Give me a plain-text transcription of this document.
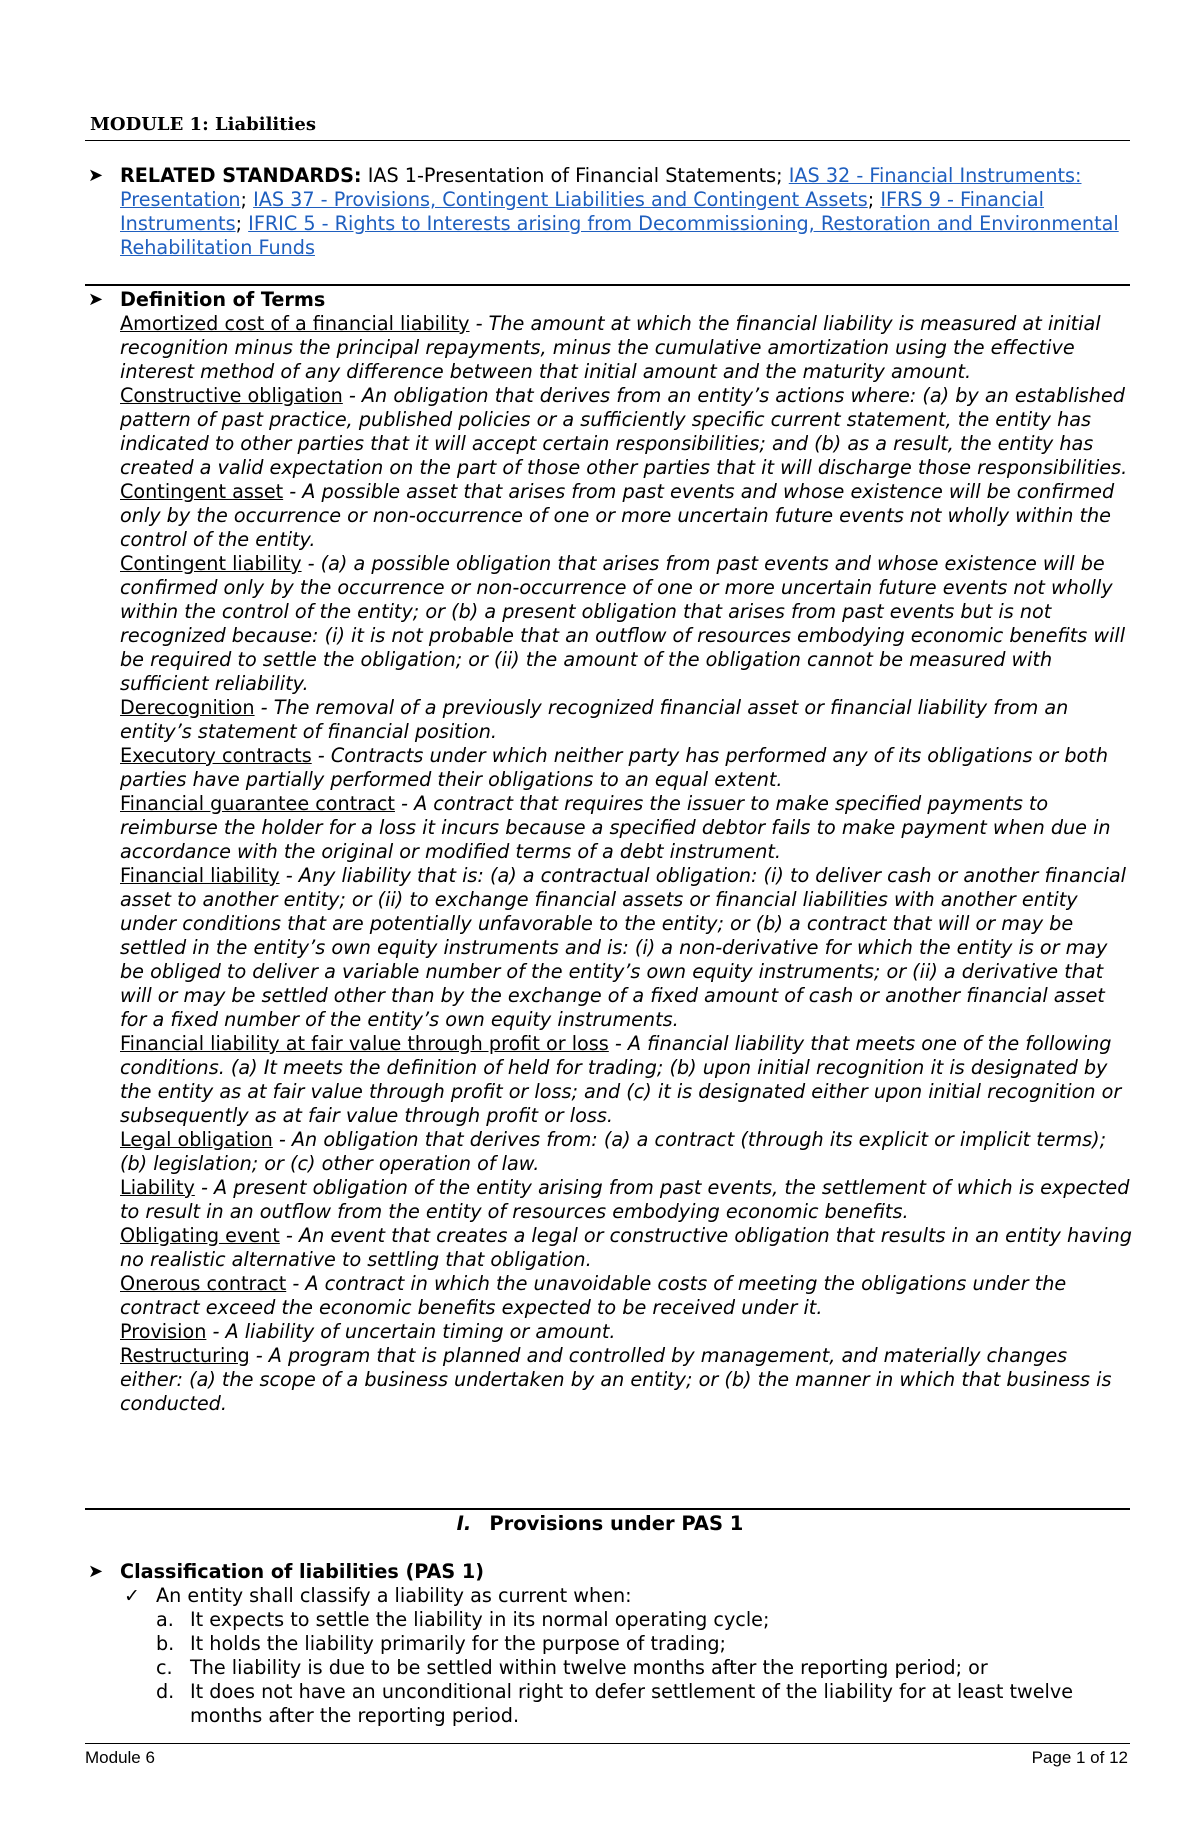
MODULE 1: Liabilities
➤ RELATED STANDARDS: IAS 1-Presentation of Financial Statements; IAS 32 - Financial Instruments: Presentation; IAS 37 - Provisions, Contingent Liabilities and Contingent Assets; IFRS 9 - Financial Instruments; IFRIC 5 - Rights to Interests arising from Decommissioning, Restoration and Environmental Rehabilitation Funds
➤ Definition of Terms

Amortized cost of a financial liability - The amount at which the financial liability is measured at initial recognition minus the principal repayments, minus the cumulative amortization using the effective interest method of any difference between that initial amount and the maturity amount.

Constructive obligation - An obligation that derives from an entity’s actions where: (a) by an established pattern of past practice, published policies or a sufficiently specific current statement, the entity has indicated to other parties that it will accept certain responsibilities; and (b) as a result, the entity has created a valid expectation on the part of those other parties that it will discharge those responsibilities.

Contingent asset - A possible asset that arises from past events and whose existence will be confirmed only by the occurrence or non-occurrence of one or more uncertain future events not wholly within the control of the entity.

Contingent liability - (a) a possible obligation that arises from past events and whose existence will be confirmed only by the occurrence or non-occurrence of one or more uncertain future events not wholly within the control of the entity; or (b) a present obligation that arises from past events but is not recognized because: (i) it is not probable that an outflow of resources embodying economic benefits will be required to settle the obligation; or (ii) the amount of the obligation cannot be measured with sufficient reliability.

Derecognition - The removal of a previously recognized financial asset or financial liability from an entity’s statement of financial position.

Executory contracts - Contracts under which neither party has performed any of its obligations or both parties have partially performed their obligations to an equal extent.

Financial guarantee contract - A contract that requires the issuer to make specified payments to reimburse the holder for a loss it incurs because a specified debtor fails to make payment when due in accordance with the original or modified terms of a debt instrument.

Financial liability - Any liability that is: (a) a contractual obligation: (i) to deliver cash or another financial asset to another entity; or (ii) to exchange financial assets or financial liabilities with another entity under conditions that are potentially unfavorable to the entity; or (b) a contract that will or may be settled in the entity’s own equity instruments and is: (i) a non-derivative for which the entity is or may be obliged to deliver a variable number of the entity’s own equity instruments; or (ii) a derivative that will or may be settled other than by the exchange of a fixed amount of cash or another financial asset for a fixed number of the entity’s own equity instruments.

Financial liability at fair value through profit or loss - A financial liability that meets one of the following conditions. (a) It meets the definition of held for trading; (b) upon initial recognition it is designated by the entity as at fair value through profit or loss; and (c) it is designated either upon initial recognition or subsequently as at fair value through profit or loss.

Legal obligation - An obligation that derives from: (a) a contract (through its explicit or implicit terms); (b) legislation; or (c) other operation of law.

Liability - A present obligation of the entity arising from past events, the settlement of which is expected to result in an outflow from the entity of resources embodying economic benefits.

Obligating event - An event that creates a legal or constructive obligation that results in an entity having no realistic alternative to settling that obligation.

Onerous contract - A contract in which the unavoidable costs of meeting the obligations under the contract exceed the economic benefits expected to be received under it.

Provision - A liability of uncertain timing or amount.

Restructuring - A program that is planned and controlled by management, and materially changes either: (a) the scope of a business undertaken by an entity; or (b) the manner in which that business is conducted.

I. Provisions under PAS 1
➤ Classification of liabilities (PAS 1)
✓ An entity shall classify a liability as current when:
a. It expects to settle the liability in its normal operating cycle;
b. It holds the liability primarily for the purpose of trading;
c. The liability is due to be settled within twelve months after the reporting period; or
d. It does not have an unconditional right to defer settlement of the liability for at least twelve months after the reporting period.
Module 6	Page 1 of 12
